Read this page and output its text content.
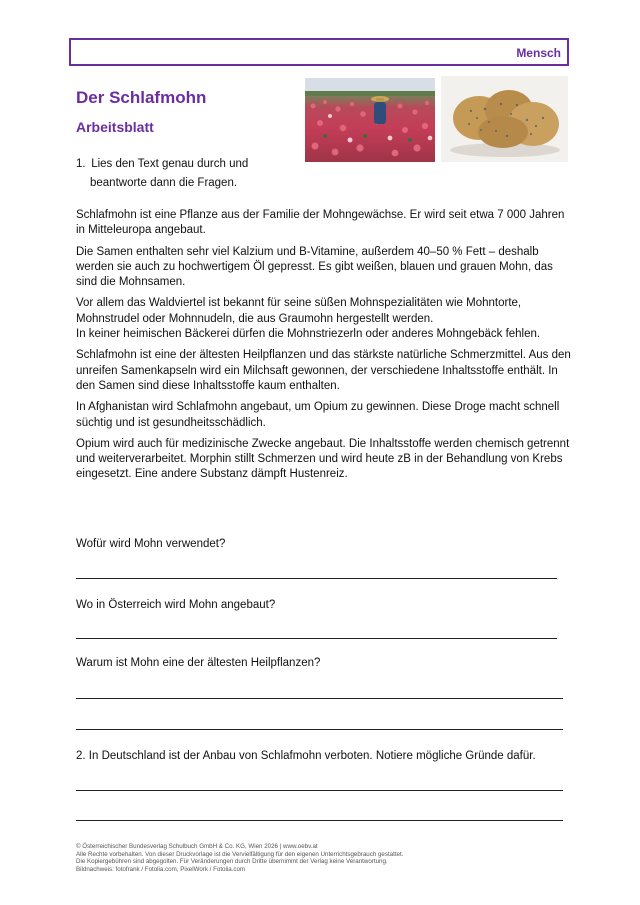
Mensch
Der Schlafmohn
Arbeitsblatt
1. Lies den Text genau durch und
beantworte dann die Fragen.

Schlafmohn ist eine Pflanze aus der Familie der Mohngewächse. Er wird seit etwa 7 000 Jahren in Mitteleuropa angebaut.

Die Samen enthalten sehr viel Kalzium und B-Vitamine, außerdem 40–50 % Fett – deshalb werden sie auch zu hochwertigem Öl gepresst. Es gibt weißen, blauen und grauen Mohn, das sind die Mohnsamen.

Vor allem das Waldviertel ist bekannt für seine süßen Mohnspezialitäten wie Mohntorte, Mohnstrudel oder Mohnnudeln, die aus Graumohn hergestellt werden.

In keiner heimischen Bäckerei dürfen die Mohnstriezerln oder anderes Mohngebäck fehlen.

Schlafmohn ist eine der ältesten Heilpflanzen und das stärkste natürliche Schmerzmittel. Aus den unreifen Samenkapseln wird ein Milchsaft gewonnen, der verschiedene Inhaltsstoffe enthält. In den Samen sind diese Inhaltsstoffe kaum enthalten.

In Afghanistan wird Schlafmohn angebaut, um Opium zu gewinnen. Diese Droge macht schnell süchtig und ist gesundheitsschädlich.

Opium wird auch für medizinische Zwecke angebaut. Die Inhaltsstoffe werden chemisch getrennt und weiterverarbeitet. Morphin stillt Schmerzen und wird heute zB in der Behandlung von Krebs eingesetzt. Eine andere Substanz dämpft Hustenreiz.

Wofür wird Mohn verwendet?
Wo in Österreich wird Mohn angebaut?
Warum ist Mohn eine der ältesten Heilpflanzen?
2. In Deutschland ist der Anbau von Schlafmohn verboten. Notiere mögliche Gründe dafür.
© Österreichischer Bundesverlag Schulbuch GmbH & Co. KG, Wien 2026 | www.oebv.at
Alle Rechte vorbehalten. Von dieser Druckvorlage ist die Vervielfältigung für den eigenen Unterrichtsgebrauch gestattet.
Die Kopiergebühren sind abgegolten. Für Veränderungen durch Dritte übernimmt der Verlag keine Verantwortung.
Bildnachweis: fotofrank / Fotolia.com, PixelWork / Fotolia.com
